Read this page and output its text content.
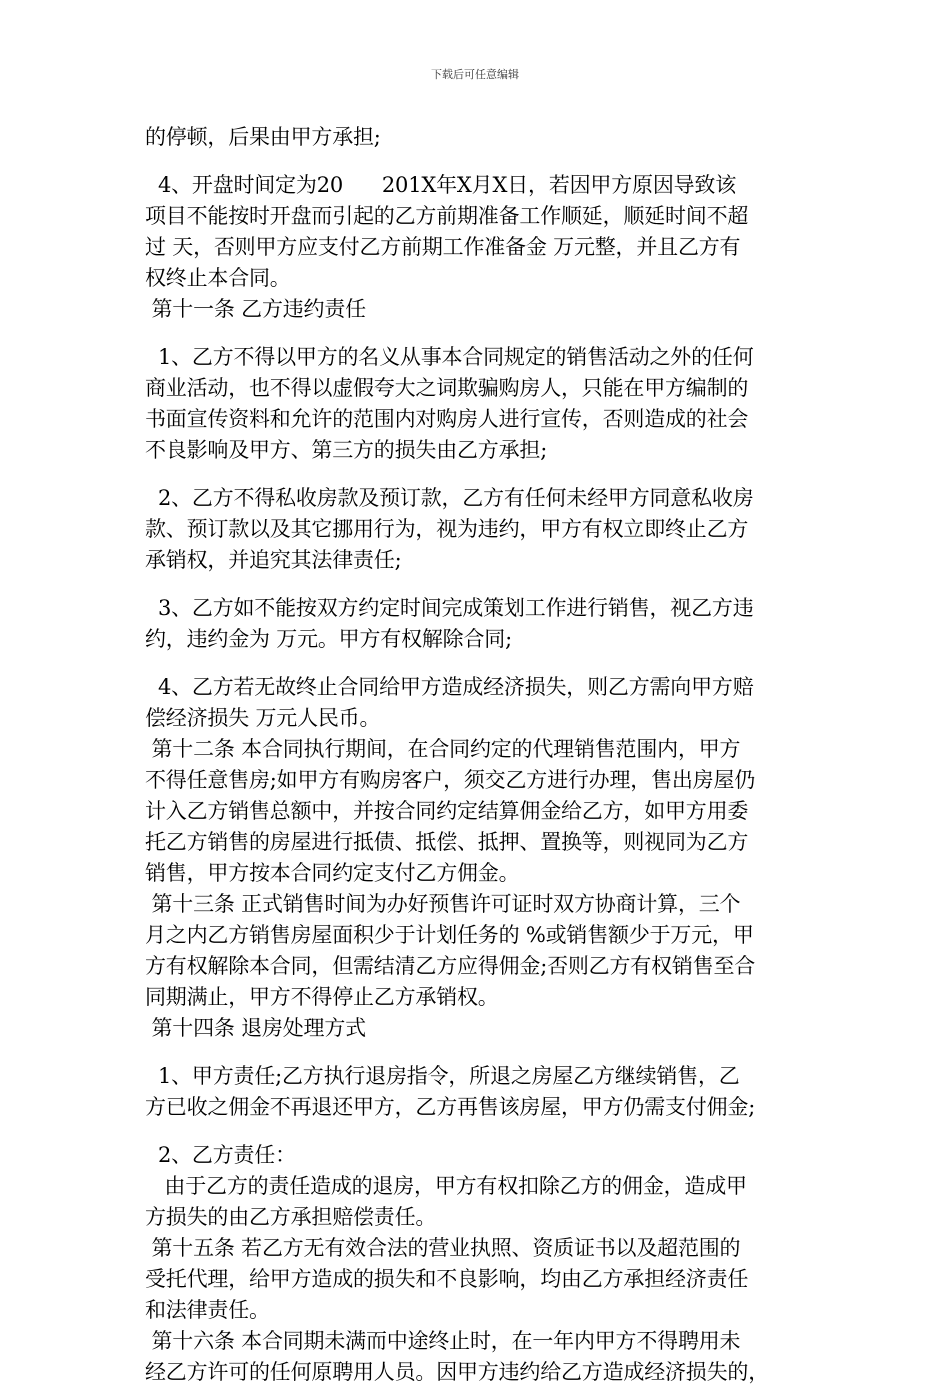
下载后可任意编辑
的停顿，后果由甲方承担;
4、开盘时间定为20      201X年X月X日，若因甲方原因导致该
项目不能按时开盘而引起的乙方前期准备工作顺延，顺延时间不超
过 天，否则甲方应支付乙方前期工作准备金 万元整，并且乙方有
权终止本合同。
第十一条 乙方违约责任
1、乙方不得以甲方的名义从事本合同规定的销售活动之外的任何
商业活动，也不得以虚假夸大之词欺骗购房人，只能在甲方编制的
书面宣传资料和允许的范围内对购房人进行宣传，否则造成的社会
不良影响及甲方、第三方的损失由乙方承担;
2、乙方不得私收房款及预订款，乙方有任何未经甲方同意私收房
款、预订款以及其它挪用行为，视为违约，甲方有权立即终止乙方
承销权，并追究其法律责任;
3、乙方如不能按双方约定时间完成策划工作进行销售，视乙方违
约，违约金为 万元。甲方有权解除合同;
4、乙方若无故终止合同给甲方造成经济损失，则乙方需向甲方赔
偿经济损失 万元人民币。
第十二条 本合同执行期间，在合同约定的代理销售范围内，甲方
不得任意售房;如甲方有购房客户，须交乙方进行办理，售出房屋仍
计入乙方销售总额中，并按合同约定结算佣金给乙方，如甲方用委
托乙方销售的房屋进行抵债、抵偿、抵押、置换等，则视同为乙方
销售，甲方按本合同约定支付乙方佣金。
第十三条 正式销售时间为办好预售许可证时双方协商计算，三个
月之内乙方销售房屋面积少于计划任务的 %或销售额少于万元，甲
方有权解除本合同，但需结清乙方应得佣金;否则乙方有权销售至合
同期满止，甲方不得停止乙方承销权。
第十四条 退房处理方式
1、甲方责任;乙方执行退房指令，所退之房屋乙方继续销售，乙
方已收之佣金不再退还甲方，乙方再售该房屋，甲方仍需支付佣金;
2、乙方责任：
由于乙方的责任造成的退房，甲方有权扣除乙方的佣金，造成甲
方损失的由乙方承担赔偿责任。
第十五条 若乙方无有效合法的营业执照、资质证书以及超范围的
受托代理，给甲方造成的损失和不良影响，均由乙方承担经济责任
和法律责任。
第十六条 本合同期未满而中途终止时，在一年内甲方不得聘用未
经乙方许可的任何原聘用人员。因甲方违约给乙方造成经济损失的，
